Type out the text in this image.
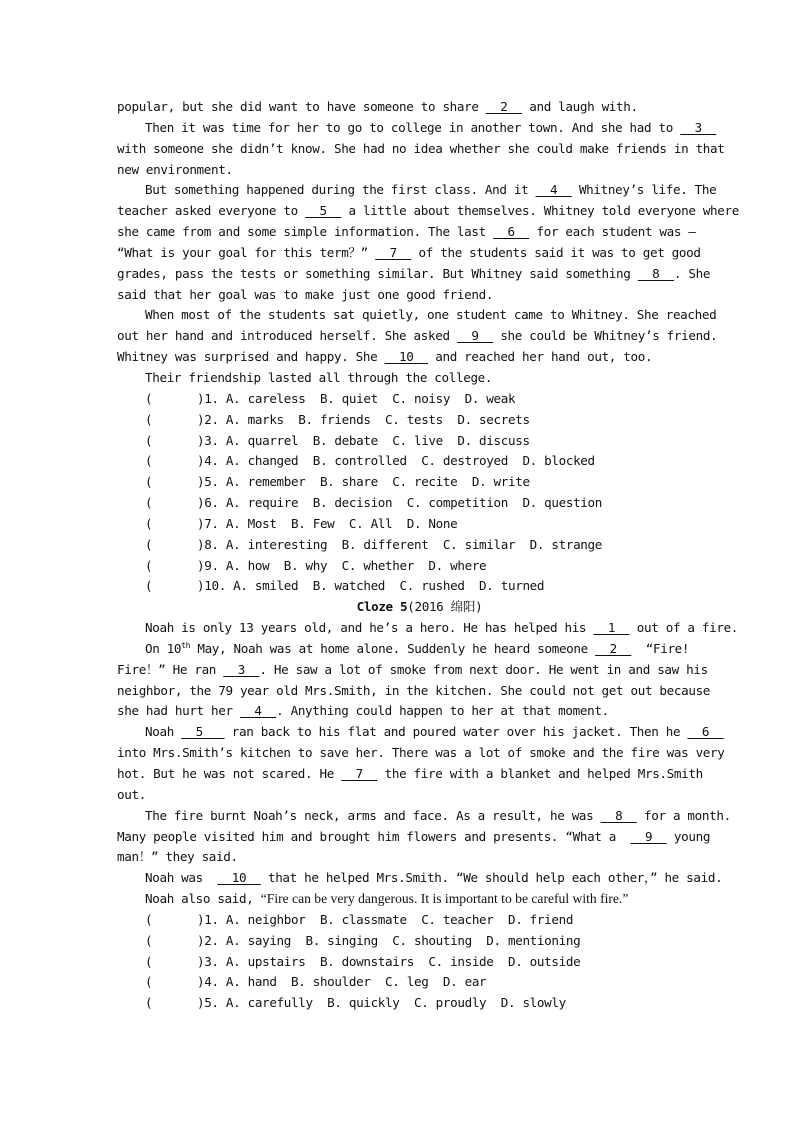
popular, but she did want to have someone to share   2   and laugh with.
Then it was time for her to go to college in another town. And she had to   3
with someone she didn’t know. She had no idea whether she could make friends in that
new environment.
But something happened during the first class. And it   4   Whitney’s life. The
teacher asked everyone to   5   a little about themselves. Whitney told everyone where
she came from and some simple information. The last   6   for each student was —
“What is your goal for this term？”   7   of the students said it was to get good
grades, pass the tests or something similar. But Whitney said something   8  . She
said that her goal was to make just one good friend.
When most of the students sat quietly, one student came to Whitney. She reached
out her hand and introduced herself. She asked   9   she could be Whitney’s friend.
Whitney was surprised and happy. She   10   and reached her hand out, too.
Their friendship lasted all through the college.
(	)1. A. careless  B. quiet  C. noisy  D. weak
(	)2. A. marks  B. friends  C. tests  D. secrets
(	)3. A. quarrel  B. debate  C. live  D. discuss
(	)4. A. changed  B. controlled  C. destroyed  D. blocked
(	)5. A. remember  B. share  C. recite  D. write
(	)6. A. require  B. decision  C. competition  D. question
(	)7. A. Most  B. Few  C. All  D. None
(	)8. A. interesting  B. different  C. similar  D. strange
(	)9. A. how  B. why  C. whether  D. where
(	)10. A. smiled  B. watched  C. rushed  D. turned
Cloze 5(2016 绵阳)
Noah is only 13 years old, and he’s a hero. He has helped his   1   out of a fire.
On 10th May, Noah was at home alone. Suddenly he heard someone   2    “Fire!
Fire！” He ran   3  . He saw a lot of smoke from next door. He went in and saw his
neighbor, the 79 year old Mrs.Smith, in the kitchen. She could not get out because
she had hurt her   4  . Anything could happen to her at that moment.
Noah   5    ran back to his flat and poured water over his jacket. Then he   6
into Mrs.Smith’s kitchen to save her. There was a lot of smoke and the fire was very
hot. But he was not scared. He   7   the fire with a blanket and helped Mrs.Smith
out.
The fire burnt Noah’s neck, arms and face. As a result, he was   8   for a month.
Many people visited him and brought him flowers and presents. “What a    9   young
man！” they said.
Noah was    10   that he helped Mrs.Smith. “We should help each other，” he said.
Noah also said, “Fire can be very dangerous. It is important to be careful with fire.”
(	)1. A. neighbor  B. classmate  C. teacher  D. friend
(	)2. A. saying  B. singing  C. shouting  D. mentioning
(	)3. A. upstairs  B. downstairs  C. inside  D. outside
(	)4. A. hand  B. shoulder  C. leg  D. ear
(	)5. A. carefully  B. quickly  C. proudly  D. slowly
